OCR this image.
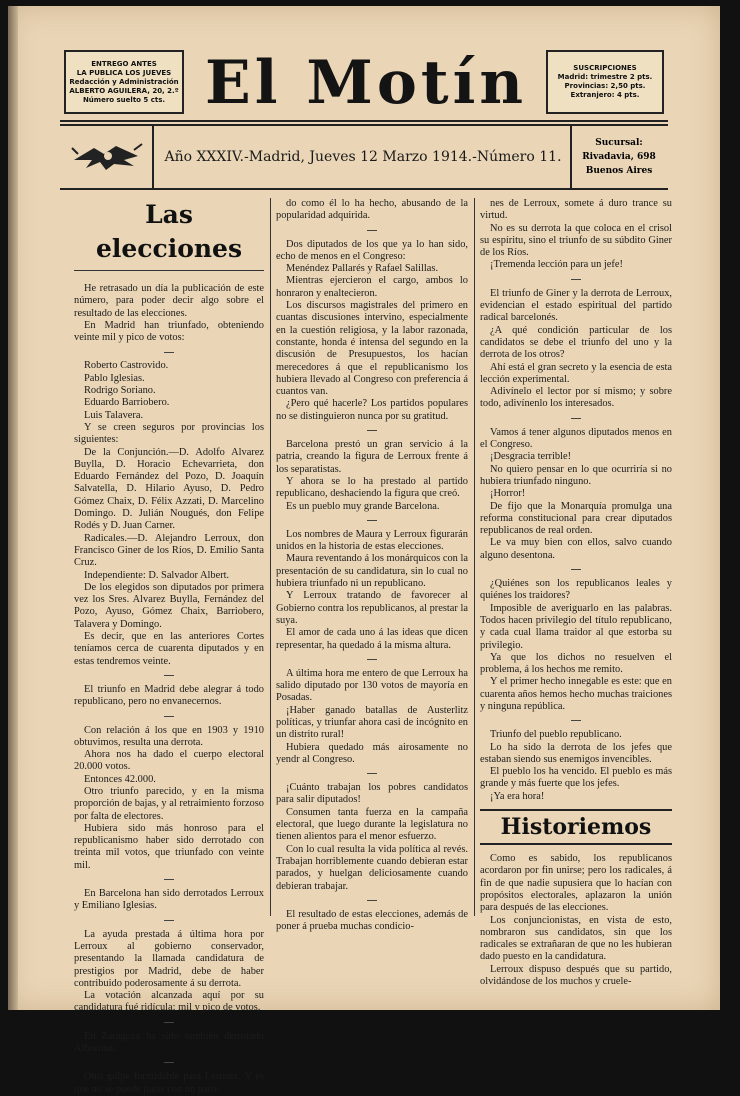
ENTREGO ANTES
LA PUBLICA LOS JUEVES
Redacción y Administración
ALBERTO AGUILERA, 20, 2.º
Número suelto 5 cts. El Motín	SUSCRIPCIONES
Madrid: trimestre 2 pts.
Provincias: 2,50 pts.
Extranjero: 4 pts.
Año XXXIV.-Madrid, Jueves 12 Marzo 1914.-Número 11.
Sucursal:
Rivadavia, 698
Buenos Aires
Las elecciones

He retrasado un día la publicación de este número, para poder decir algo sobre el resultado de las elecciones.

En Madrid han triunfado, obteniendo veinte mil y pico de votos:

Roberto Castrovido.

Pablo Iglesias.

Rodrigo Soriano.

Eduardo Barriobero.

Luis Talavera.

Y se creen seguros por provincias los siguientes:

De la Conjunción.—D. Adolfo Alvarez Buylla, D. Horacio Echevarrieta, don Eduardo Fernández del Pozo, D. Joaquín Salvatella, D. Hilario Ayuso, D. Pedro Gómez Chaix, D. Félix Azzati, D. Marcelino Domingo. D. Julián Nougués, don Felipe Rodés y D. Juan Carner.

Radicales.—D. Alejandro Lerroux, don Francisco Giner de los Ríos, D. Emilio Santa Cruz.

Independiente: D. Salvador Albert.

De los elegidos son diputados por primera vez los Sres. Alvarez Buylla, Fernández del Pozo, Ayuso, Gómez Chaix, Barriobero, Talavera y Domingo.

Es decir, que en las anteriores Cortes teníamos cerca de cuarenta diputados y en estas tendremos veinte.

El triunfo en Madrid debe alegrar á todo republicano, pero no envanecernos.

Con relación á los que en 1903 y 1910 obtuvimos, resulta una derrota.

Ahora nos ha dado el cuerpo electoral 20.000 votos.

Entonces 42.000.

Otro triunfo parecido, y en la misma proporción de bajas, y al retraimiento forzoso por falta de electores.

Hubiera sido más honroso para el republicanismo haber sido derrotado con treinta mil votos, que triunfado con veinte mil.

En Barcelona han sido derrotados Lerroux y Emiliano Iglesias.

La ayuda prestada á última hora por Lerroux al gobierno conservador, presentando la llamada candidatura de prestigios por Madrid, debe de haber contribuido poderosamente á su derrota.

La votación alcanzada aquí por su candidatura fué ridícula: mil y pico de votos.

En Zaragoza ha sido también derrotado Albornoz.

Otro golpe formidable para Lerroux. Y es que no se puede jugar con un parti-

do como él lo ha hecho, abusando de la popularidad adquirida.

Dos diputados de los que ya lo han sido, echo de menos en el Congreso:

Menéndez Pallarés y Rafael Salillas.

Mientras ejercieron el cargo, ambos lo honraron y enaltecieron.

Los discursos magistrales del primero en cuantas discusiones intervino, especialmente en la cuestión religiosa, y la labor razonada, constante, honda é intensa del segundo en la discusión de Presupuestos, los hacían merecedores á que el republicanismo los hubiera llevado al Congreso con preferencia á cuantos van.

¿Pero qué hacerle? Los partidos populares no se distinguieron nunca por su gratitud.

Barcelona prestó un gran servicio á la patria, creando la figura de Lerroux frente á los separatistas.

Y ahora se lo ha prestado al partido republicano, deshaciendo la figura que creó.

Es un pueblo muy grande Barcelona.

Los nombres de Maura y Lerroux figurarán unidos en la historia de estas elecciones.

Maura reventando á los monárquicos con la presentación de su candidatura, sin lo cual no hubiera triunfado ni un republicano.

Y Lerroux tratando de favorecer al Gobierno contra los republicanos, al prestar la suya.

El amor de cada uno á las ideas que dicen representar, ha quedado á la misma altura.

A última hora me entero de que Lerroux ha salido diputado por 130 votos de mayoría en Posadas.

¡Haber ganado batallas de Austerlitz políticas, y triunfar ahora casi de incógnito en un distrito rural!

Hubiera quedado más airosamente no yendr al Congreso.

¡Cuánto trabajan los pobres candidatos para salir diputados!

Consumen tanta fuerza en la campaña electoral, que luego durante la legislatura no tienen alientos para el menor esfuerzo.

Con lo cual resulta la vida política al revés. Trabajan horriblemente cuando debieran estar parados, y huelgan deliciosamente cuando debieran trabajar.

El resultado de estas elecciones, además de poner á prueba muchas condicio-

nes de Lerroux, somete á duro trance su virtud.

No es su derrota la que coloca en el crisol su espíritu, sino el triunfo de su súbdito Giner de los Ríos.

¡Tremenda lección para un jefe!

El triunfo de Giner y la derrota de Lerroux, evidencian el estado espiritual del partido radical barcelonés.

¿A qué condición particular de los candidatos se debe el triunfo del uno y la derrota de los otros?

Ahí está el gran secreto y la esencia de esta lección experimental.

Adivínelo el lector por sí mismo; y sobre todo, adivínenlo los interesados.

Vamos á tener algunos diputados menos en el Congreso.

¡Desgracia terrible!

No quiero pensar en lo que ocurriría si no hubiera triunfado ninguno.

¡Horror!

De fijo que la Monarquía promulga una reforma constitucional para crear diputados republicanos de real orden.

Le va muy bien con ellos, salvo cuando alguno desentona.

¿Quiénes son los republicanos leales y quiénes los traidores?

Imposible de averiguarlo en las palabras. Todos hacen privilegio del título republicano, y cada cual llama traidor al que estorba su privilegio.

Ya que los dichos no resuelven el problema, á los hechos me remito.

Y el primer hecho innegable es este: que en cuarenta años hemos hecho muchas traiciones y ninguna república.

Triunfo del pueblo republicano.

Lo ha sido la derrota de los jefes que estaban siendo sus enemigos invencibles.

El pueblo los ha vencido. El pueblo es más grande y más fuerte que los jefes.

¡Ya era hora!

Historiemos

Como es sabido, los republicanos acordaron por fin unirse; pero los radicales, á fin de que nadie supusiera que lo hacían con propósitos electorales, aplazaron la unión para después de las elecciones.

Los conjuncionistas, en vista de esto, nombraron sus candidatos, sin que los radicales se extrañaran de que no les hubieran dado puesto en la candidatura.

Lerroux dispuso después que su partido, olvidándose de los muchos y cruele-
